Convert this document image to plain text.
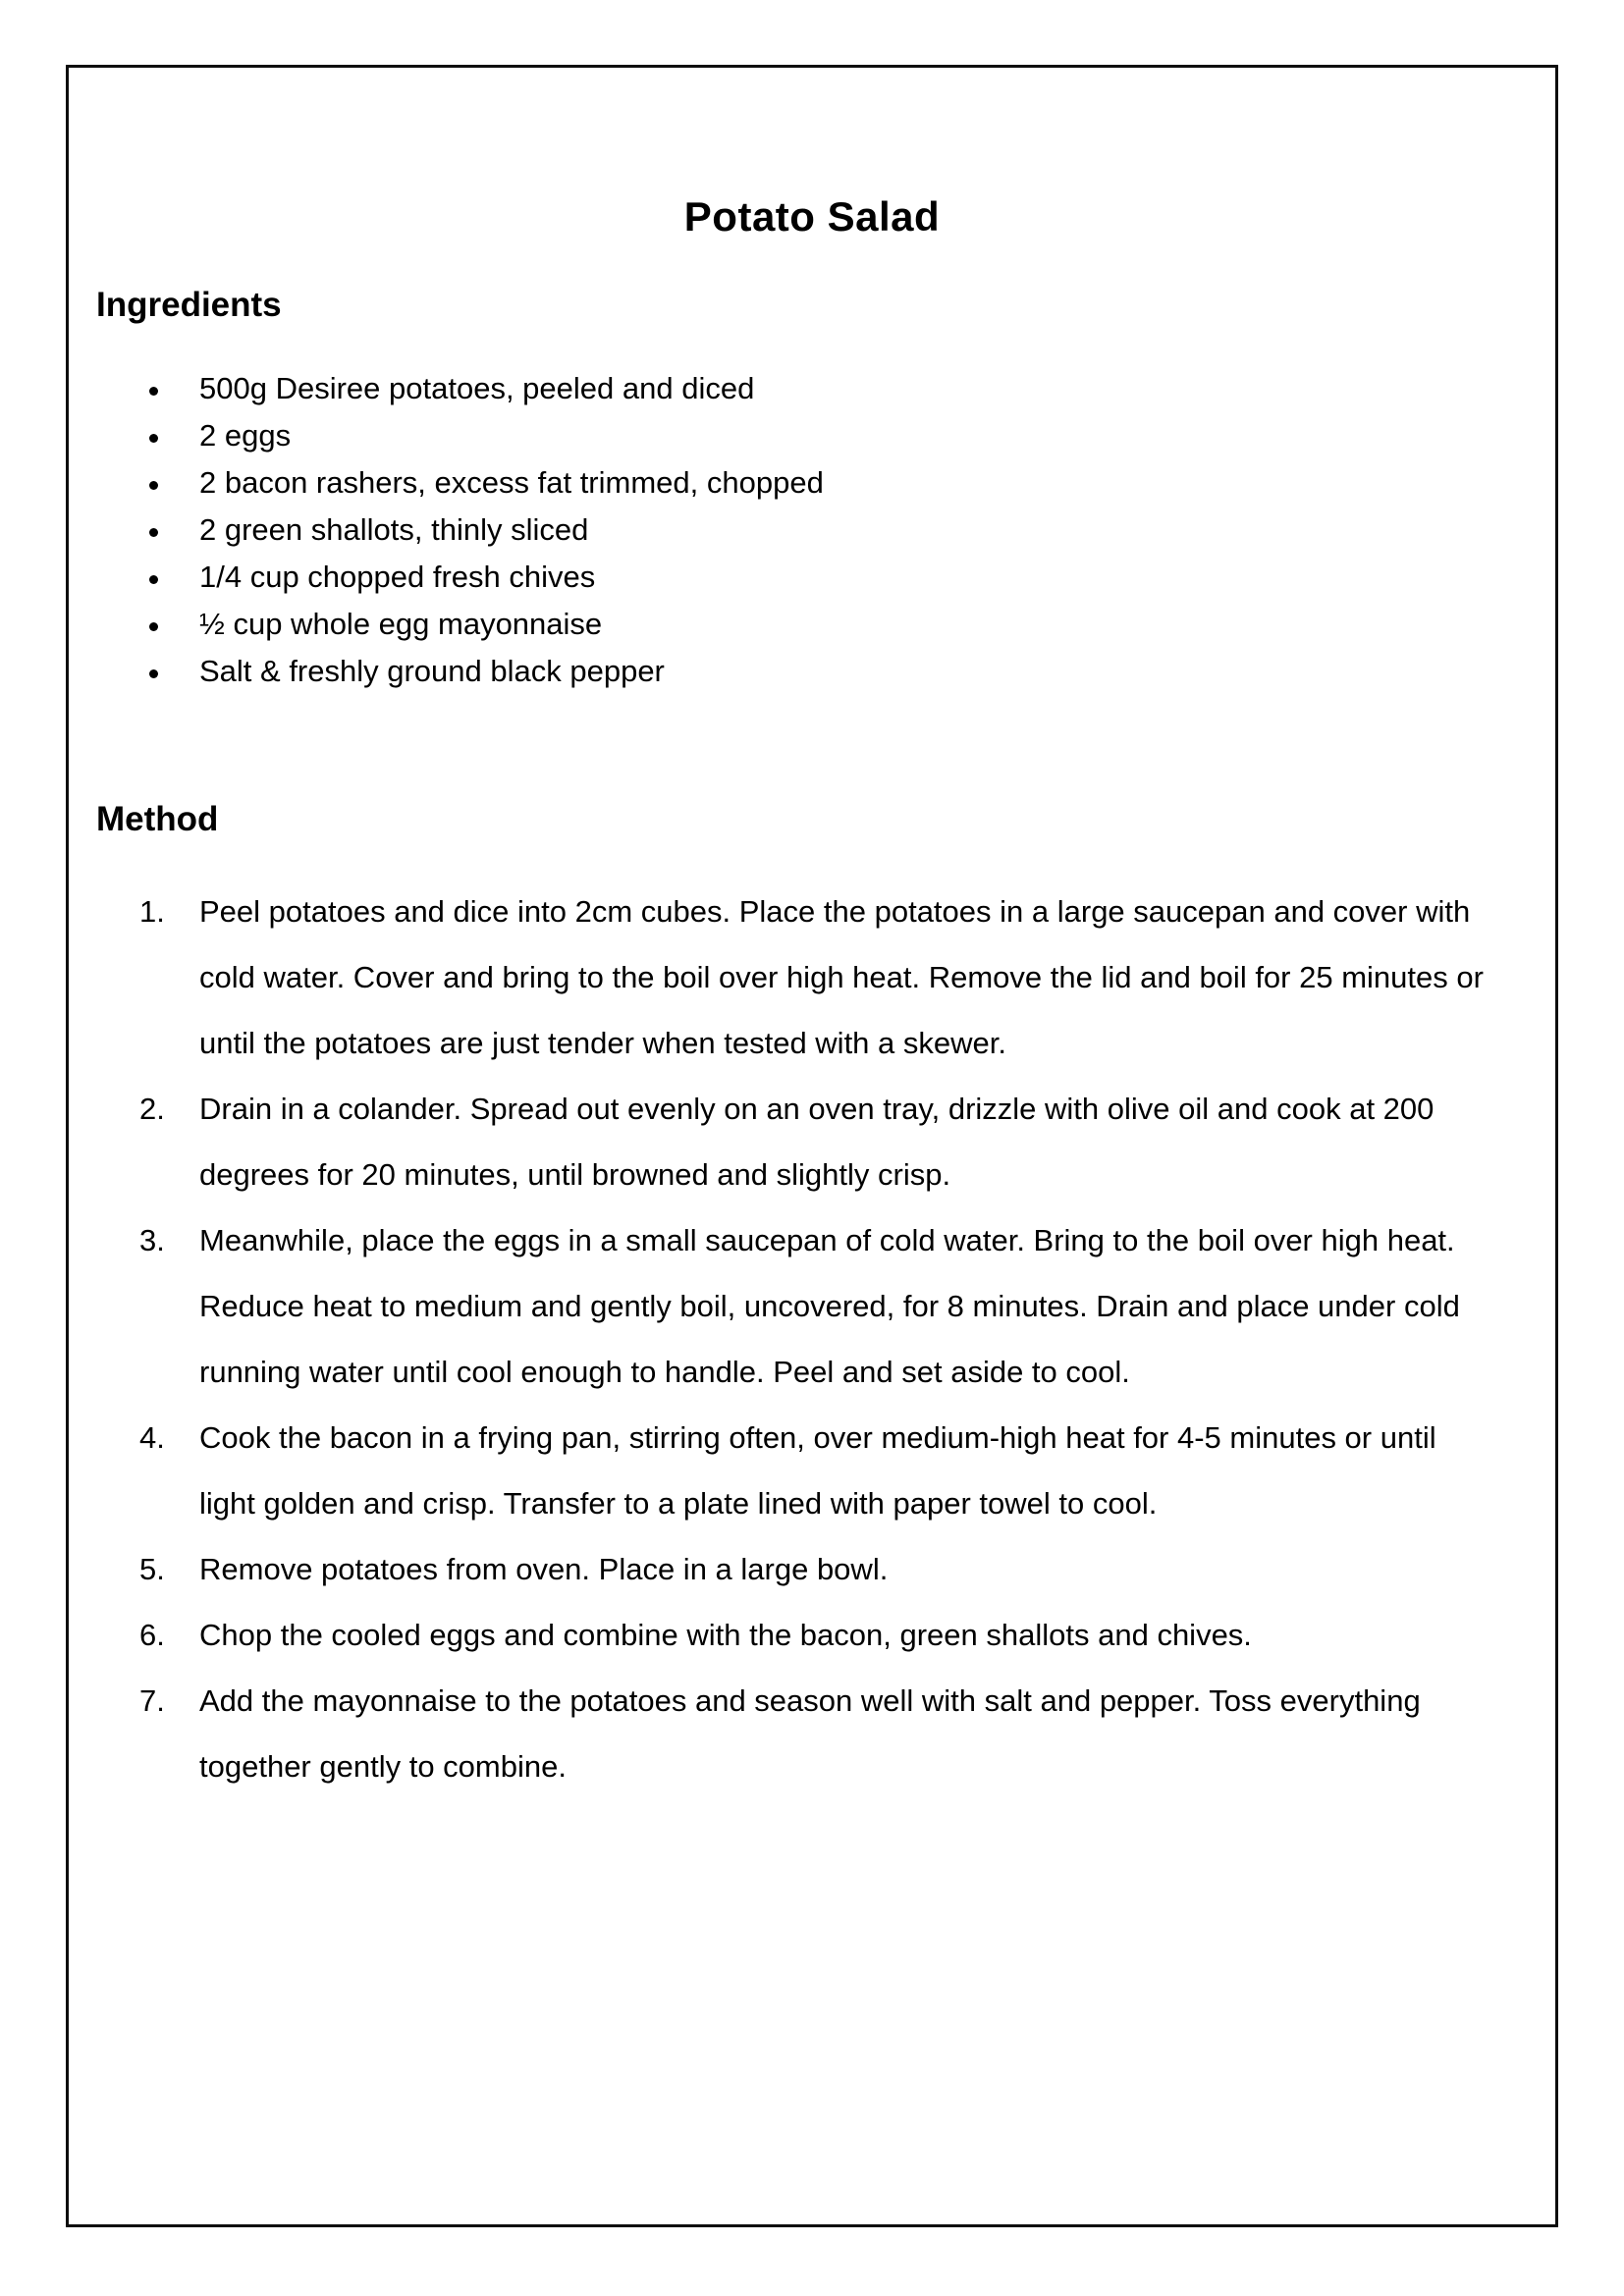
Potato Salad
Ingredients
500g Desiree potatoes, peeled and diced
2 eggs
2 bacon rashers, excess fat trimmed, chopped
2 green shallots, thinly sliced
1/4 cup chopped fresh chives
½ cup whole egg mayonnaise
Salt & freshly ground black pepper
Method
1. Peel potatoes and dice into 2cm cubes. Place the potatoes in a large saucepan and cover with cold water. Cover and bring to the boil over high heat. Remove the lid and boil for 25 minutes or until the potatoes are just tender when tested with a skewer.
2. Drain in a colander. Spread out evenly on an oven tray, drizzle with olive oil and cook at 200 degrees for 20 minutes, until browned and slightly crisp.
3. Meanwhile, place the eggs in a small saucepan of cold water. Bring to the boil over high heat. Reduce heat to medium and gently boil, uncovered, for 8 minutes. Drain and place under cold running water until cool enough to handle. Peel and set aside to cool.
4. Cook the bacon in a frying pan, stirring often, over medium-high heat for 4-5 minutes or until light golden and crisp. Transfer to a plate lined with paper towel to cool.
5. Remove potatoes from oven. Place in a large bowl.
6. Chop the cooled eggs and combine with the bacon, green shallots and chives.
7. Add the mayonnaise to the potatoes and season well with salt and pepper. Toss everything together gently to combine.
